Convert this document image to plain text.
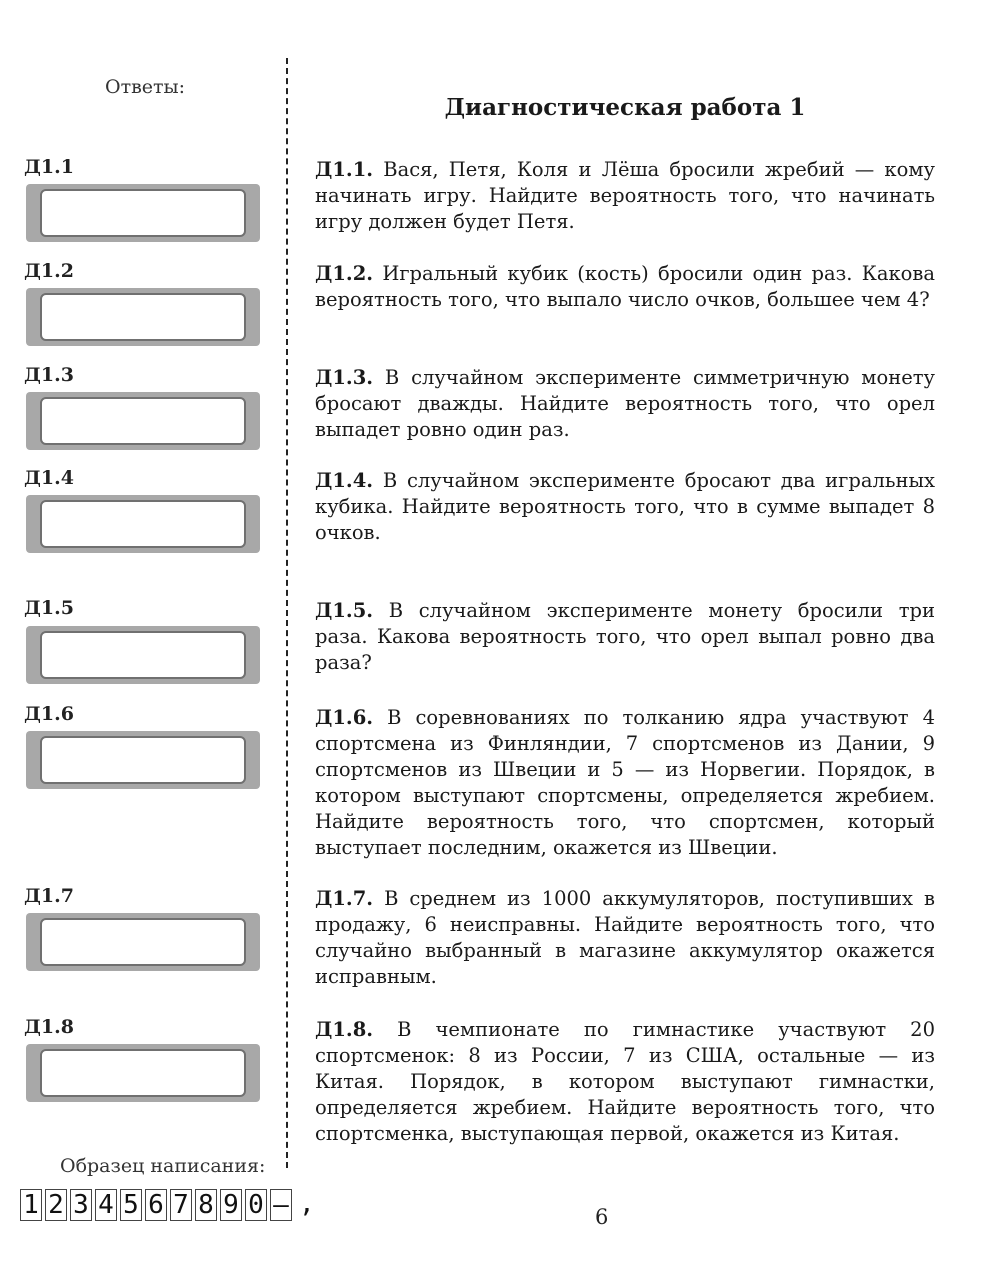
Ответы:
Д1.1
Д1.2
Д1.3
Д1.4
Д1.5
Д1.6
Д1.7
Д1.8
Образец написания:
1 2 3 4 5 6 7 8 9 0 – ,
Диагностическая работа 1
Д1.1. Вася, Петя, Коля и Лёша бросили жребий — кому начинать игру. Найдите вероятность того, что начинать игру должен будет Петя.
Д1.2. Игральный кубик (кость) бросили один раз. Какова вероятность того, что выпало число очков, большее чем 4?
Д1.3. В случайном эксперименте симметричную монету бросают дважды. Найдите вероятность того, что орел выпадет ровно один раз.
Д1.4. В случайном эксперименте бросают два игральных кубика. Найдите вероятность того, что в сумме выпадет 8 очков.
Д1.5. В случайном эксперименте монету бросили три раза. Какова вероятность того, что орел выпал ровно два раза?
Д1.6. В соревнованиях по толканию ядра участвуют 4 спортсмена из Финляндии, 7 спортсменов из Дании, 9 спортсменов из Швеции и 5 — из Норвегии. Порядок, в котором выступают спортсмены, определяется жребием. Найдите вероятность того, что спортсмен, который выступает последним, окажется из Швеции.
Д1.7. В среднем из 1000 аккумуляторов, поступивших в продажу, 6 неисправны. Найдите вероятность того, что случайно выбранный в магазине аккумулятор окажется исправным.
Д1.8. В чемпионате по гимнастике участвуют 20 спортсменок: 8 из России, 7 из США, остальные — из Китая. Порядок, в котором выступают гимнастки, определяется жребием. Найдите вероятность того, что спортсменка, выступающая первой, окажется из Китая.
6
